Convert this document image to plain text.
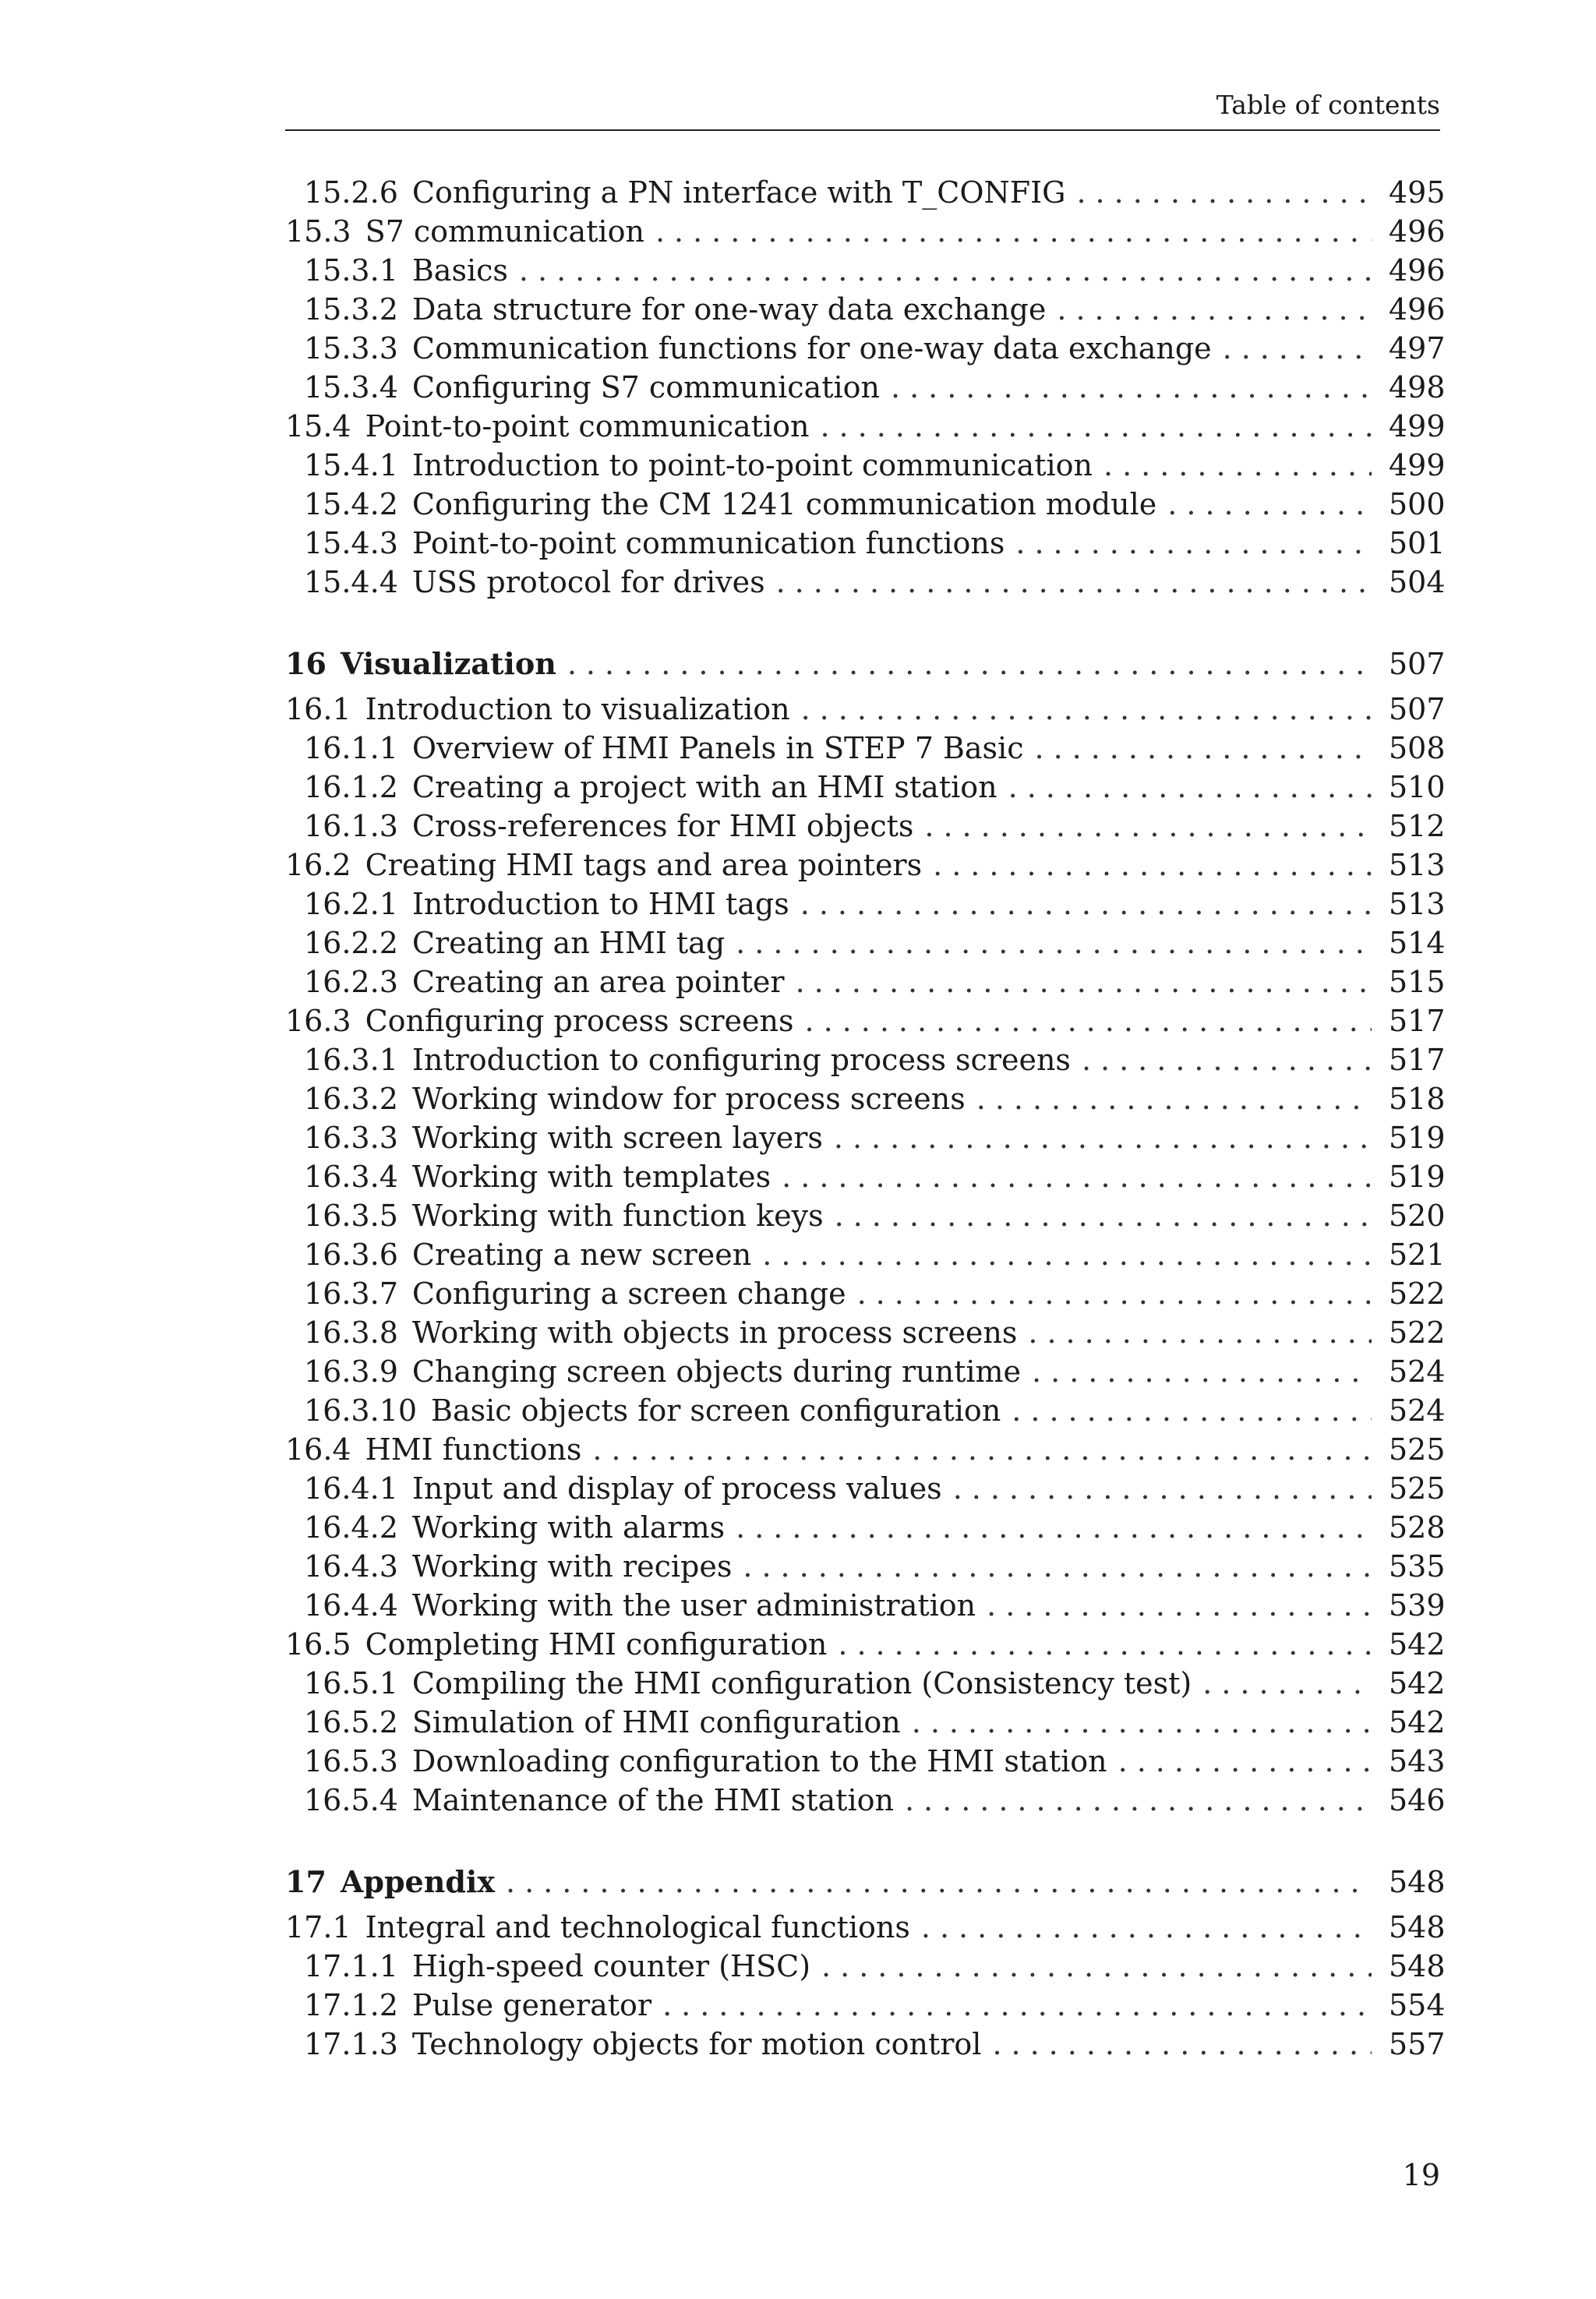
Table of contents
15.2.6 Configuring a PN interface with T_CONFIG .....	495
15.3 S7 communication .....	496
15.3.1 Basics .....	496
15.3.2 Data structure for one-way data exchange .....	496
15.3.3 Communication functions for one-way data exchange .....	497
15.3.4 Configuring S7 communication .....	498
15.4 Point-to-point communication .....	499
15.4.1 Introduction to point-to-point communication .....	499
15.4.2 Configuring the CM 1241 communication module .....	500
15.4.3 Point-to-point communication functions .....	501
15.4.4 USS protocol for drives .....	504
16 Visualization .....	507
16.1 Introduction to visualization .....	507
16.1.1 Overview of HMI Panels in STEP 7 Basic .....	508
16.1.2 Creating a project with an HMI station .....	510
16.1.3 Cross-references for HMI objects .....	512
16.2 Creating HMI tags and area pointers .....	513
16.2.1 Introduction to HMI tags .....	513
16.2.2 Creating an HMI tag .....	514
16.2.3 Creating an area pointer .....	515
16.3 Configuring process screens .....	517
16.3.1 Introduction to configuring process screens .....	517
16.3.2 Working window for process screens .....	518
16.3.3 Working with screen layers .....	519
16.3.4 Working with templates .....	519
16.3.5 Working with function keys .....	520
16.3.6 Creating a new screen .....	521
16.3.7 Configuring a screen change .....	522
16.3.8 Working with objects in process screens .....	522
16.3.9 Changing screen objects during runtime .....	524
16.3.10 Basic objects for screen configuration .....	524
16.4 HMI functions .....	525
16.4.1 Input and display of process values .....	525
16.4.2 Working with alarms .....	528
16.4.3 Working with recipes .....	535
16.4.4 Working with the user administration .....	539
16.5 Completing HMI configuration .....	542
16.5.1 Compiling the HMI configuration (Consistency test) .....	542
16.5.2 Simulation of HMI configuration .....	542
16.5.3 Downloading configuration to the HMI station .....	543
16.5.4 Maintenance of the HMI station .....	546
17 Appendix .....	548
17.1 Integral and technological functions .....	548
17.1.1 High-speed counter (HSC) .....	548
17.1.2 Pulse generator .....	554
17.1.3 Technology objects for motion control .....	557
19
